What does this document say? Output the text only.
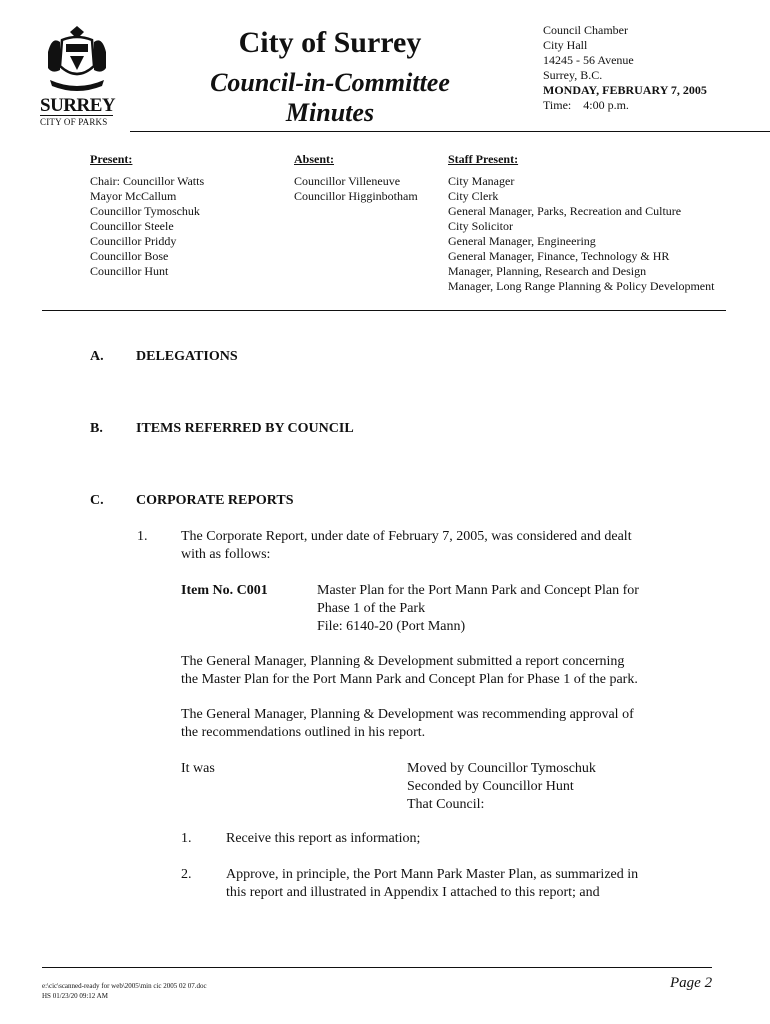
SURREY
CITY OF PARKS
City of Surrey
Council-in-Committee
Minutes
Council Chamber
City Hall
14245 - 56 Avenue
Surrey, B.C.
MONDAY, FEBRUARY 7, 2005
Time: 4:00 p.m.
Present:
Chair: Councillor Watts
Mayor McCallum
Councillor Tymoschuk
Councillor Steele
Councillor Priddy
Councillor Bose
Councillor Hunt
Absent:
Councillor Villeneuve
Councillor Higginbotham
Staff Present:
City Manager
City Clerk
General Manager, Parks, Recreation and Culture
City Solicitor
General Manager, Engineering
General Manager, Finance, Technology & HR
Manager, Planning, Research and Design
Manager, Long Range Planning & Policy Development
A. DELEGATIONS
B. ITEMS REFERRED BY COUNCIL
C. CORPORATE REPORTS
1. The Corporate Report, under date of February 7, 2005, was considered and dealt
with as follows:
Item No. C001	Master Plan for the Port Mann Park and Concept Plan for
Phase 1 of the Park
File: 6140-20 (Port Mann)
The General Manager, Planning & Development submitted a report concerning
the Master Plan for the Port Mann Park and Concept Plan for Phase 1 of the park.
The General Manager, Planning & Development was recommending approval of
the recommendations outlined in his report.
It was	Moved by Councillor Tymoschuk
Seconded by Councillor Hunt
That Council:
1. Receive this report as information;
2. Approve, in principle, the Port Mann Park Master Plan, as summarized in
this report and illustrated in Appendix I attached to this report; and
e:\cic\scanned-ready for web\2005\min cic 2005 02 07.doc
HS 01/23/20 09:12 AM
Page 2
